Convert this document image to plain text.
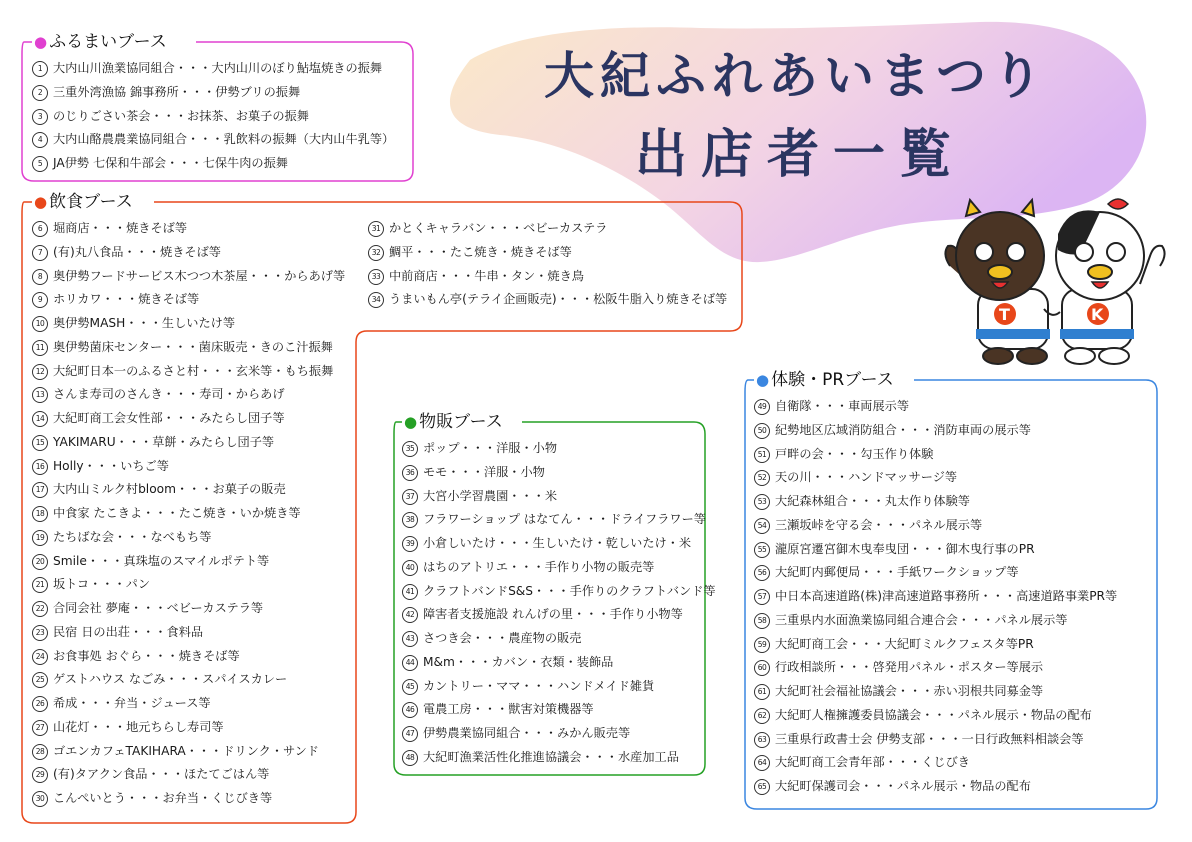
大紀ふれあいまつり
出店者一覧
● ふるまいブース
1 大内山川漁業協同組合・・・大内山川のぼり鮎塩焼きの振舞
2 三重外湾漁協 錦事務所・・・伊勢ブリの振舞
3 のじりごさい茶会・・・お抹茶、お菓子の振舞
4 大内山酪農農業協同組合・・・乳飲料の振舞（大内山牛乳等）
5 JA伊勢 七保和牛部会・・・七保牛肉の振舞
● 飲食ブース
6 堀商店・・・焼きそば等
7 (有)丸八食品・・・焼きそば等
8 奥伊勢フードサービス木つつ木茶屋・・・からあげ等
9 ホリカワ・・・焼きそば等
10 奥伊勢MASH・・・生しいたけ等
11 奥伊勢菌床センター・・・菌床販売・きのこ汁振舞
12 大紀町日本一のふるさと村・・・玄米等・もち振舞
13 さんま寿司のさんき・・・寿司・からあげ
14 大紀町商工会女性部・・・みたらし団子等
15 YAKIMARU・・・草餅・みたらし団子等
16 Holly・・・いちご等
17 大内山ミルク村bloom・・・お菓子の販売
18 中食家 たこきよ・・・たこ焼き・いか焼き等
19 たちばな会・・・なべもち等
20 Smile・・・真珠塩のスマイルポテト等
21 坂トコ・・・パン
22 合同会社 夢庵・・・ベビーカステラ等
23 民宿 日の出荘・・・食料品
24 お食事処 おぐら・・・焼きそば等
25 ゲストハウス なごみ・・・スパイスカレー
26 希成・・・弁当・ジュース等
27 山花灯・・・地元ちらし寿司等
28 ゴエンカフェTAKIHARA・・・ドリンク・サンド
29 (有)タアクン食品・・・ほたてごはん等
30 こんぺいとう・・・お弁当・くじびき等
31 かとくキャラバン・・・ベビーカステラ
32 鯛平・・・たこ焼き・焼きそば等
33 中前商店・・・牛串・タン・焼き鳥
34 うまいもん亭(テライ企画販売)・・・松阪牛脂入り焼きそば等
● 物販ブース
35 ポップ・・・洋服・小物
36 モモ・・・洋服・小物
37 大宮小学習農園・・・米
38 フラワーショップ はなてん・・・ドライフラワー等
39 小倉しいたけ・・・生しいたけ・乾しいたけ・米
40 はちのアトリエ・・・手作り小物の販売等
41 クラフトバンドS&S・・・手作りのクラフトバンド等
42 障害者支援施設 れんげの里・・・手作り小物等
43 さつき会・・・農産物の販売
44 M&m・・・カバン・衣類・装飾品
45 カントリー・ママ・・・ハンドメイド雑貨
46 電農工房・・・獣害対策機器等
47 伊勢農業協同組合・・・みかん販売等
48 大紀町漁業活性化推進協議会・・・水産加工品
● 体験・PRブース
49 自衛隊・・・車両展示等
50 紀勢地区広域消防組合・・・消防車両の展示等
51 戸畔の会・・・勾玉作り体験
52 天の川・・・ハンドマッサージ等
53 大紀森林組合・・・丸太作り体験等
54 三瀬坂峠を守る会・・・パネル展示等
55 瀧原宮遷宮御木曳奉曳団・・・御木曳行事のPR
56 大紀町内郵便局・・・手紙ワークショップ等
57 中日本高速道路(株)津高速道路事務所・・・高速道路事業PR等
58 三重県内水面漁業協同組合連合会・・・パネル展示等
59 大紀町商工会・・・大紀町ミルクフェスタ等PR
60 行政相談所・・・啓発用パネル・ポスター等展示
61 大紀町社会福祉協議会・・・赤い羽根共同募金等
62 大紀町人権擁護委員協議会・・・パネル展示・物品の配布
63 三重県行政書士会 伊勢支部・・・一日行政無料相談会等
64 大紀町商工会青年部・・・くじびき
65 大紀町保護司会・・・パネル展示・物品の配布
T	K
